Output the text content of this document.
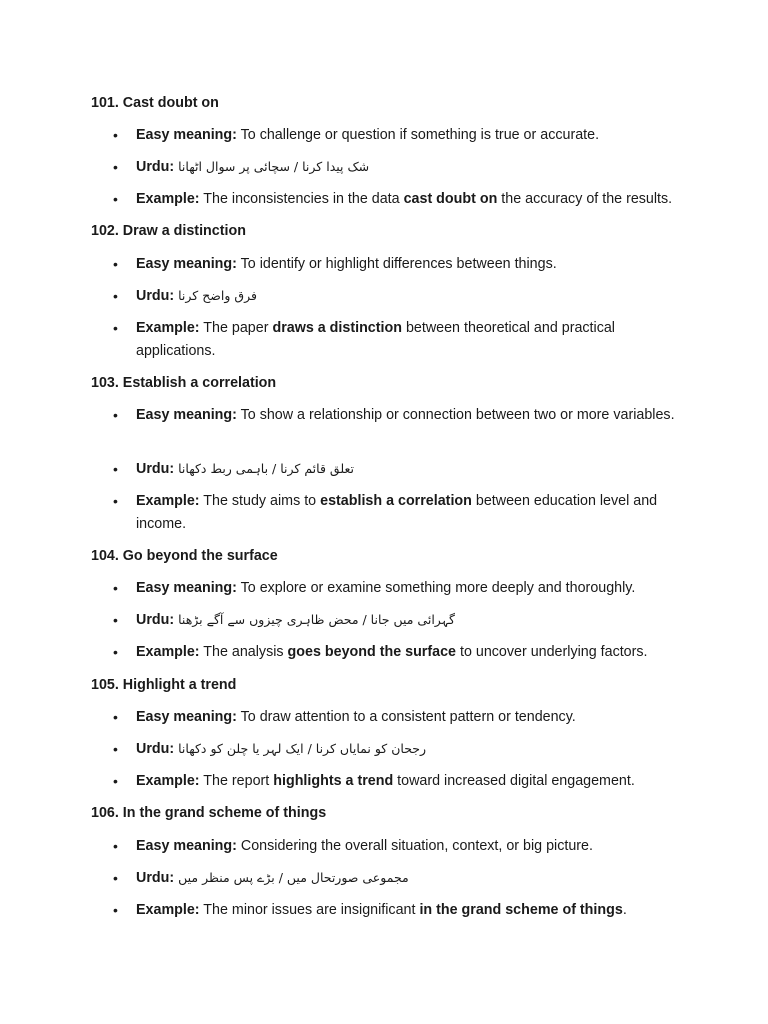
101. Cast doubt on
• Easy meaning: To challenge or question if something is true or accurate.
• Urdu: شک پیدا کرنا / سچائی پر سوال اٹھانا
• Example: The inconsistencies in the data cast doubt on the accuracy of the results.
102. Draw a distinction
• Easy meaning: To identify or highlight differences between things.
• Urdu: فرق واضح کرنا
• Example: The paper draws a distinction between theoretical and practical applications.
103. Establish a correlation
• Easy meaning: To show a relationship or connection between two or more variables.
• Urdu: تعلق قائم کرنا / باہمی ربط دکھانا
• Example: The study aims to establish a correlation between education level and income.
104. Go beyond the surface
• Easy meaning: To explore or examine something more deeply and thoroughly.
• Urdu: گہرائی میں جانا / محض ظاہری چیزوں سے آگے بڑھنا
• Example: The analysis goes beyond the surface to uncover underlying factors.
105. Highlight a trend
• Easy meaning: To draw attention to a consistent pattern or tendency.
• Urdu: رجحان کو نمایاں کرنا / ایک لہر یا چلن کو دکھانا
• Example: The report highlights a trend toward increased digital engagement.
106. In the grand scheme of things
• Easy meaning: Considering the overall situation, context, or big picture.
• Urdu: مجموعی صورتحال میں / بڑے پس منظر میں
• Example: The minor issues are insignificant in the grand scheme of things.
